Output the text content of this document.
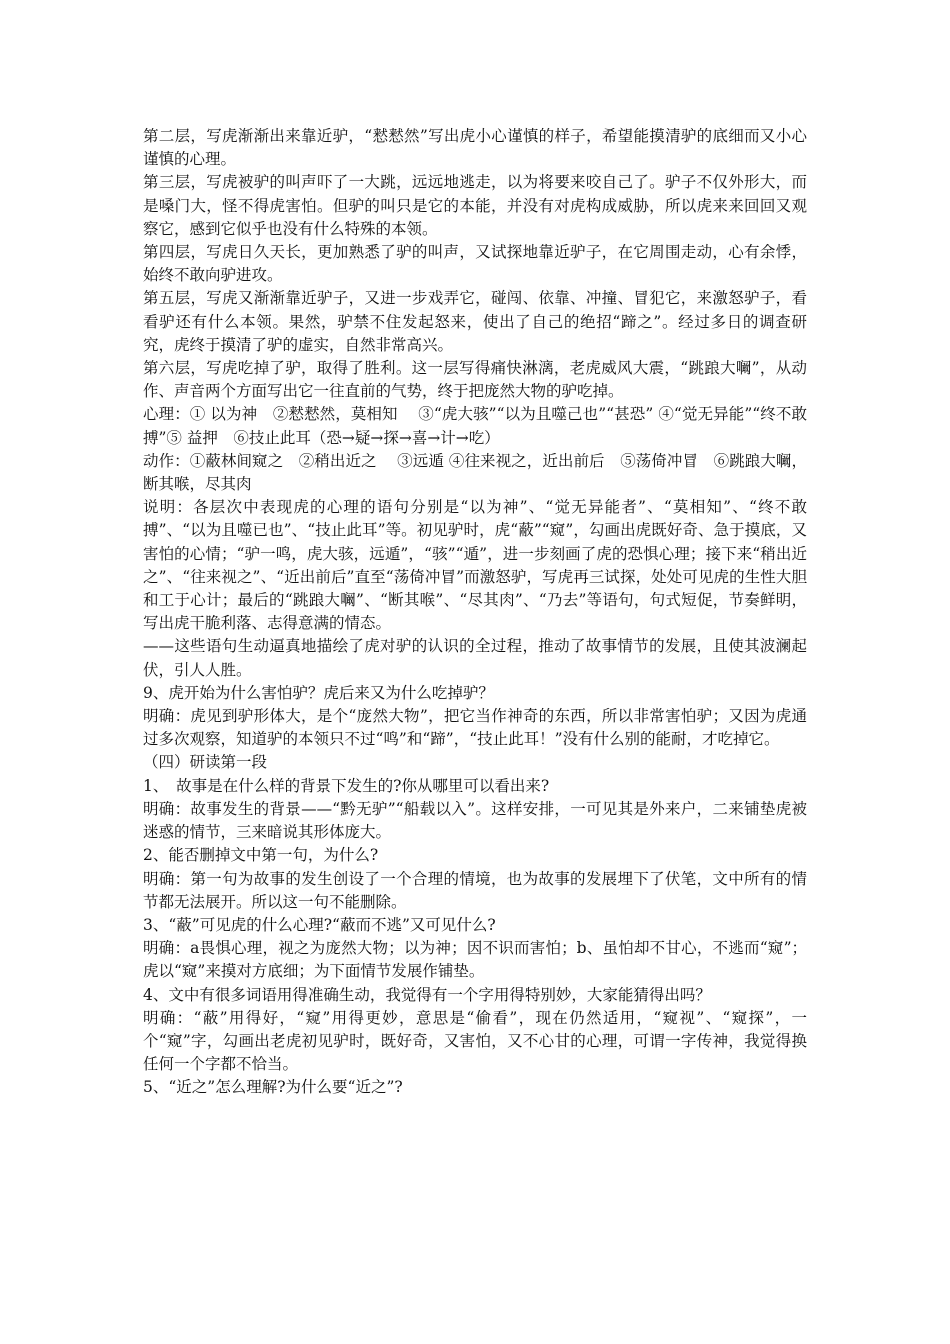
第二层，写虎渐渐出来靠近驴，“慭慭然”写出虎小心谨慎的样子，希望能摸清驴的底细而又小心谨慎的心理。

第三层，写虎被驴的叫声吓了一大跳，远远地逃走，以为将要来咬自己了。驴子不仅外形大，而是嗓门大，怪不得虎害怕。但驴的叫只是它的本能，并没有对虎构成威胁，所以虎来来回回又观察它，感到它似乎也没有什么特殊的本领。

第四层，写虎日久天长，更加熟悉了驴的叫声，又试探地靠近驴子，在它周围走动，心有余悸，始终不敢向驴进攻。

第五层，写虎又渐渐靠近驴子，又进一步戏弄它，碰闯、依靠、冲撞、冒犯它，来激怒驴子，看看驴还有什么本领。果然，驴禁不住发起怒来，使出了自己的绝招“蹄之”。经过多日的调查研究，虎终于摸清了驴的虚实，自然非常高兴。

第六层，写虎吃掉了驴，取得了胜利。这一层写得痛快淋漓，老虎威风大震，“跳踉大㘎”，从动作、声音两个方面写出它一往直前的气势，终于把庞然大物的驴吃掉。

心理：① 以为神　②慭慭然，莫相知　 ③“虎大骇”“以为且噬己也”“甚恐” ④“觉无异能”“终不敢搏”⑤ 益押　⑥技止此耳（恐→疑→探→喜→计→吃）

动作：①蔽林间窥之　②稍出近之　 ③远遁 ④往来视之，近出前后　⑤荡倚冲冒　⑥跳踉大㘎，断其喉，尽其肉

说明：各层次中表现虎的心理的语句分别是“以为神”、“觉无异能者”、“莫相知”、“终不敢搏”、“以为且噬已也”、“技止此耳”等。初见驴时，虎“蔽”“窥”，勾画出虎既好奇、急于摸底，又害怕的心情；“驴一鸣，虎大骇，远遁”，“骇”“遁”，进一步刻画了虎的恐惧心理；接下来“稍出近之”、“往来视之”、“近出前后”直至“荡倚冲冒”而激怒驴，写虎再三试探，处处可见虎的生性大胆和工于心计；最后的“跳踉大㘎”、“断其喉”、“尽其肉”、“乃去”等语句，句式短促，节奏鲜明，写出虎干脆利落、志得意满的情态。

——这些语句生动逼真地描绘了虎对驴的认识的全过程，推动了故事情节的发展，且使其波澜起伏，引人人胜。

9、虎开始为什么害怕驴？虎后来又为什么吃掉驴？

明确：虎见到驴形体大，是个“庞然大物”，把它当作神奇的东西，所以非常害怕驴；又因为虎通过多次观察，知道驴的本领只不过“鸣”和“蹄”，“技止此耳！”没有什么别的能耐，才吃掉它。

（四）研读第一段

1、　故事是在什么样的背景下发生的?你从哪里可以看出来?

明确：故事发生的背景——“黔无驴”“船载以入”。这样安排，一可见其是外来户，二来铺垫虎被迷惑的情节，三来暗说其形体庞大。

2、能否删掉文中第一句，为什么?

明确：第一句为故事的发生创设了一个合理的情境，也为故事的发展埋下了伏笔，文中所有的情节都无法展开。所以这一句不能删除。

3、“蔽”可见虎的什么心理?“蔽而不逃”又可见什么?

明确：a畏惧心理，视之为庞然大物；以为神；因不识而害怕；b、虽怕却不甘心，不逃而“窥”；虎以“窥”来摸对方底细；为下面情节发展作铺垫。

4、文中有很多词语用得准确生动，我觉得有一个字用得特别妙，大家能猜得出吗？

明确：“蔽”用得好，“窥”用得更妙，意思是“偷看”，现在仍然适用，“窥视”、“窥探”，一个“窥”字，勾画出老虎初见驴时，既好奇，又害怕，又不心甘的心理，可谓一字传神，我觉得换任何一个字都不恰当。

5、“近之”怎么理解?为什么要“近之”?
